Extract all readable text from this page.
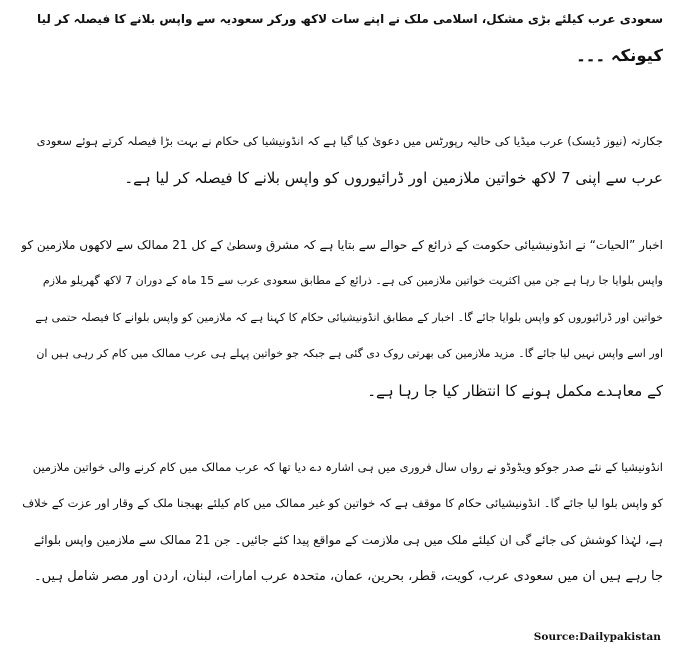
سعودی عرب کیلئے بڑی مشکل، اسلامی ملک نے اپنے سات لاکھ ورکر سعودیہ سے واپس بلانے کا فیصلہ کر لیا
کیونکہ ۔۔۔
جکارتہ (نیوز ڈیسک) عرب میڈیا کی حالیہ رپورٹس میں دعویٰ کیا گیا ہے کہ انڈونیشیا کی حکام نے بہت بڑا فیصلہ کرتے ہوئے سعودی
عرب سے اپنی 7 لاکھ خواتین ملازمین اور ڈرائیوروں کو واپس بلانے کا فیصلہ کر لیا ہے۔
اخبار ”الحیات“ نے انڈونیشیائی حکومت کے ذرائع کے حوالے سے بتایا ہے کہ مشرق وسطیٰ کے کل 21 ممالک سے لاکھوں ملازمین کو
واپس بلوایا جا رہا ہے جن میں اکثریت خواتین ملازمین کی ہے۔ ذرائع کے مطابق سعودی عرب سے 15 ماہ کے دوران 7 لاکھ گھریلو ملازم
خواتین اور ڈرائیوروں کو واپس بلوایا جائے گا۔ اخبار کے مطابق انڈونیشیائی حکام کا کہنا ہے کہ ملازمین کو واپس بلوانے کا فیصلہ حتمی ہے
اور اسے واپس نہیں لیا جائے گا۔ مزید ملازمین کی بھرتی روک دی گئی ہے جبکہ جو خواتین پہلے ہی عرب ممالک میں کام کر رہی ہیں ان
کے معاہدے مکمل ہونے کا انتظار کیا جا رہا ہے۔
انڈونیشیا کے نئے صدر جوکو ویڈوڈو نے رواں سال فروری میں ہی اشارہ دے دیا تھا کہ عرب ممالک میں کام کرنے والی خواتین ملازمین
کو واپس بلوا لیا جائے گا۔ انڈونیشیائی حکام کا موقف ہے کہ خواتین کو غیر ممالک میں کام کیلئے بھیجنا ملک کے وقار اور عزت کے خلاف
ہے، لہٰذا کوشش کی جائے گی ان کیلئے ملک میں ہی ملازمت کے مواقع پیدا کئے جائیں۔ جن 21 ممالک سے ملازمین واپس بلوائے
جا رہے ہیں ان میں سعودی عرب، کویت، قطر، بحرین، عمان، متحدہ عرب امارات، لبنان، اردن اور مصر شامل ہیں۔
Source:Dailypakistan
